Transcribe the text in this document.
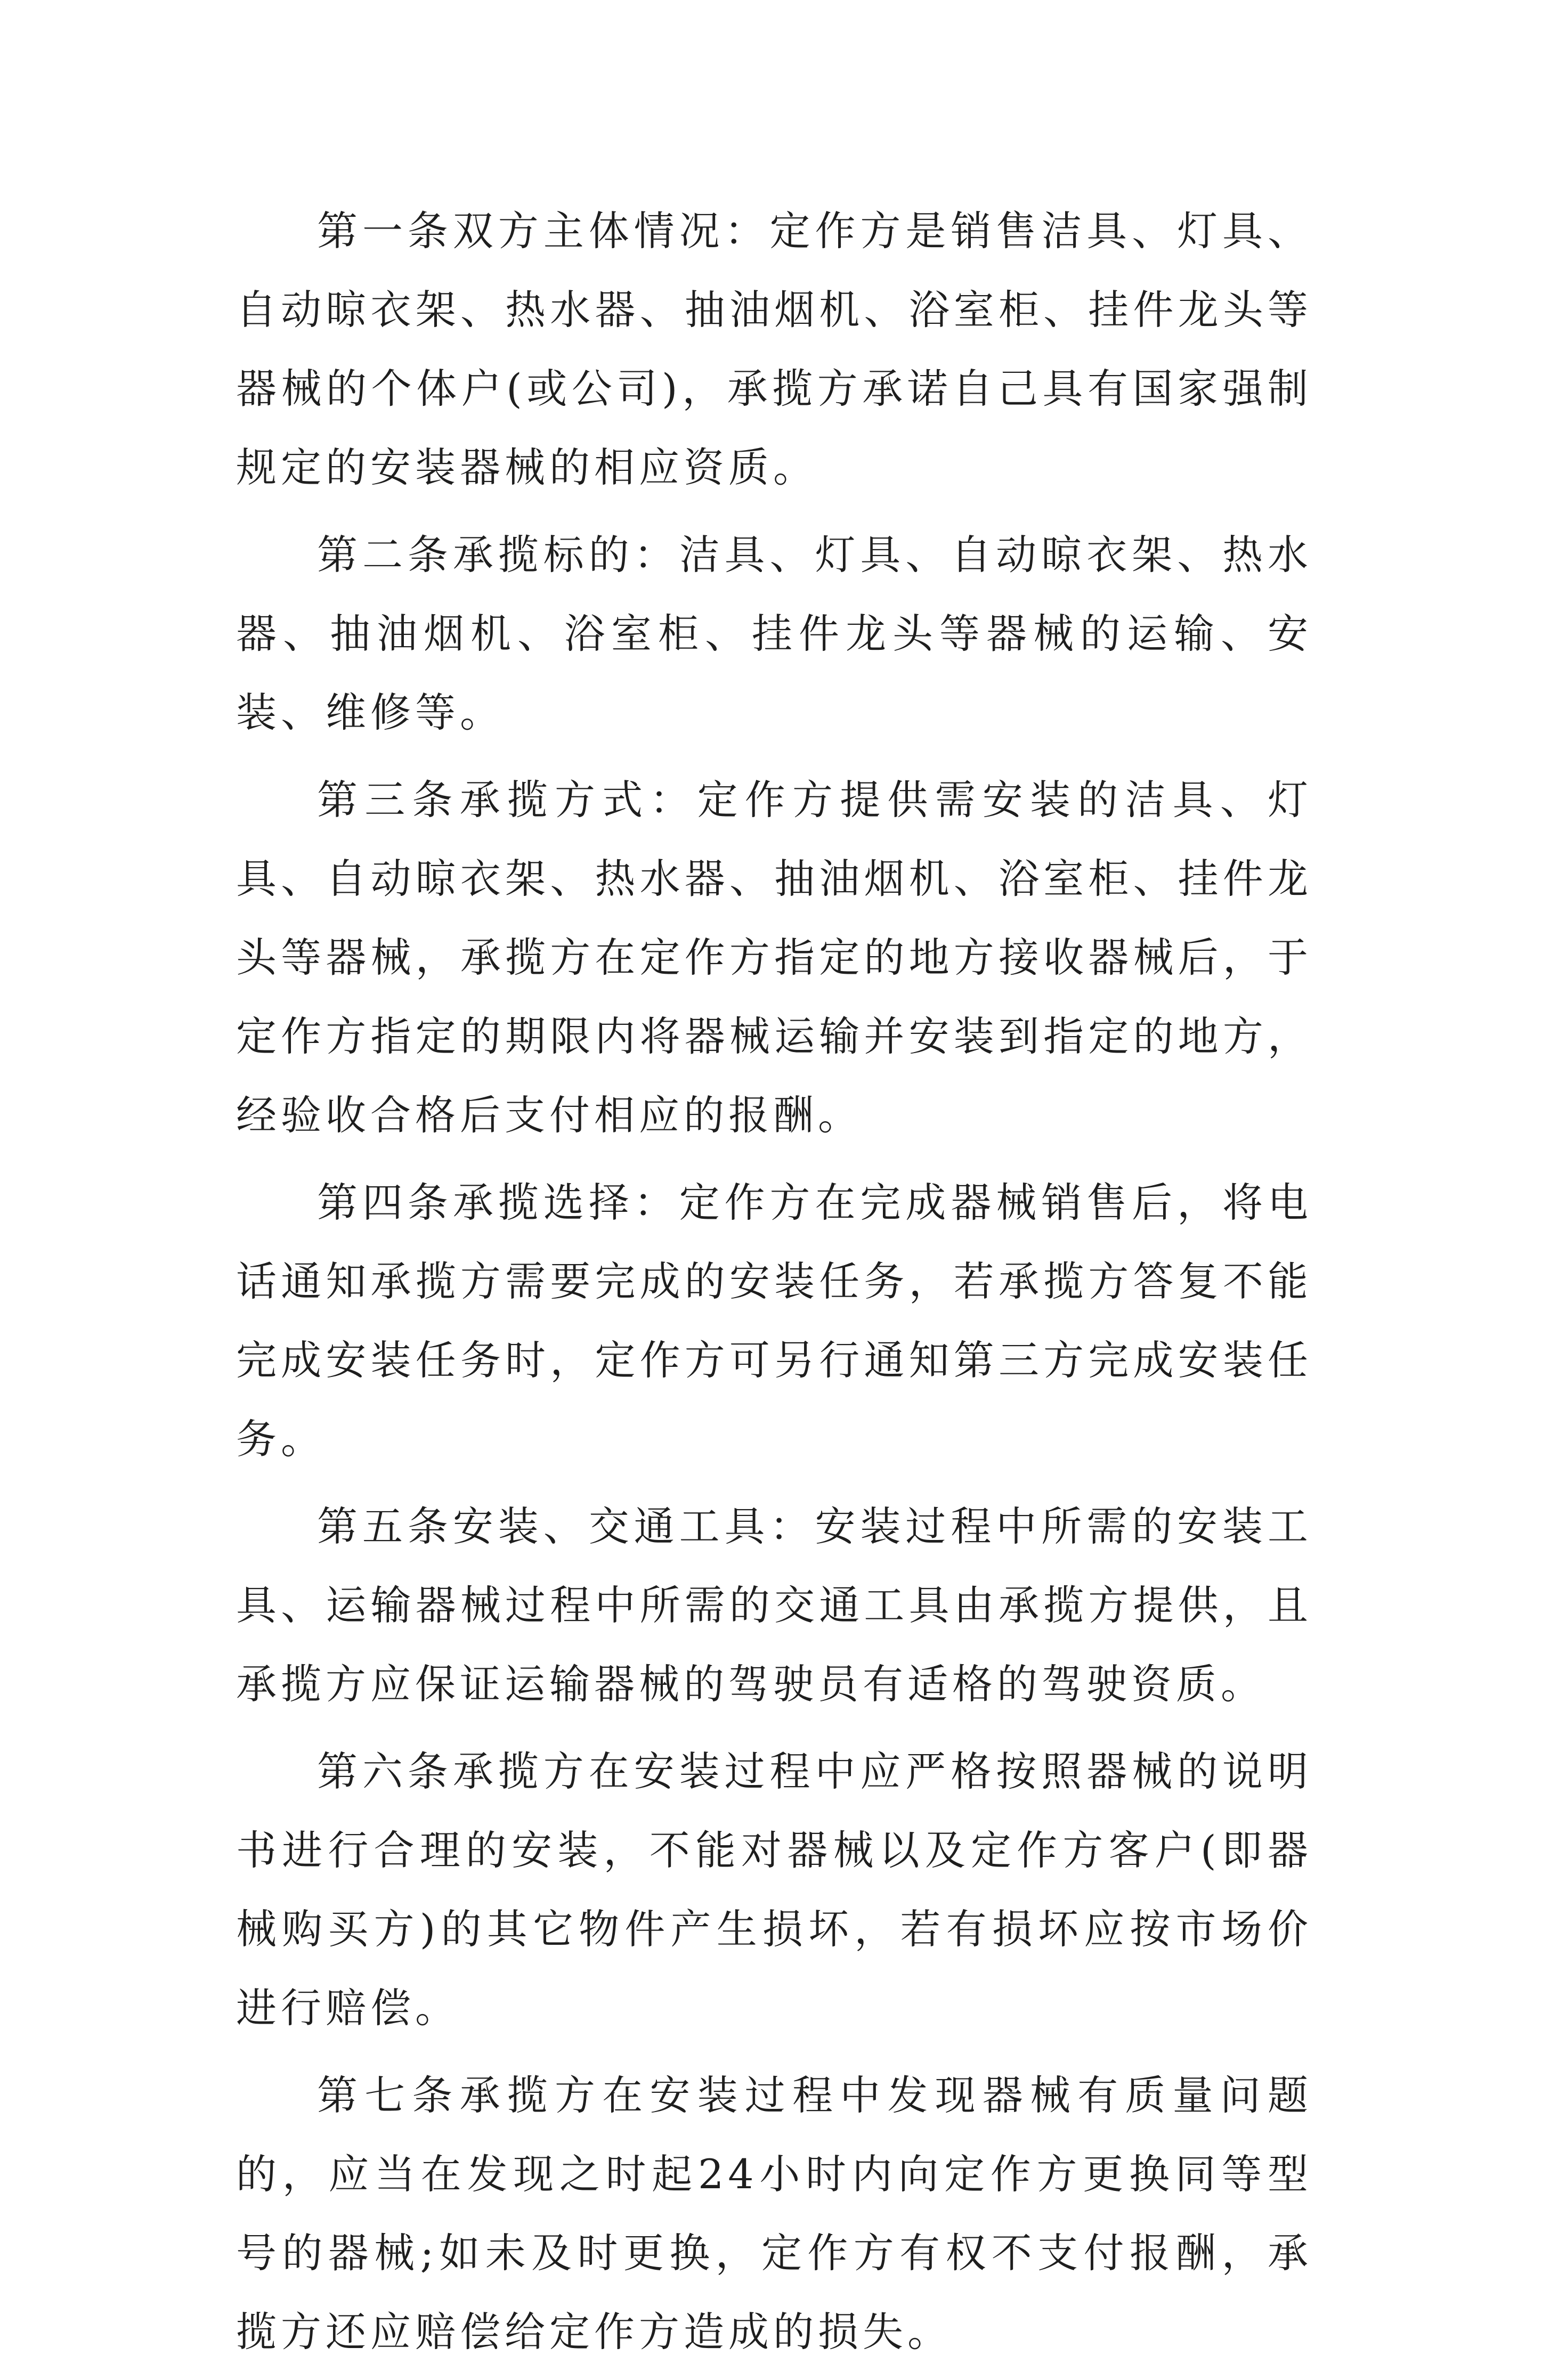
第一条双方主体情况：定作方是销售洁具、灯具、自动晾衣架、热水器、抽油烟机、浴室柜、挂件龙头等器械的个体户(或公司)，承揽方承诺自己具有国家强制规定的安装器械的相应资质。

第二条承揽标的：洁具、灯具、自动晾衣架、热水器、抽油烟机、浴室柜、挂件龙头等器械的运输、安装、维修等。

第三条承揽方式：定作方提供需安装的洁具、灯具、自动晾衣架、热水器、抽油烟机、浴室柜、挂件龙头等器械，承揽方在定作方指定的地方接收器械后，于定作方指定的期限内将器械运输并安装到指定的地方，经验收合格后支付相应的报酬。

第四条承揽选择：定作方在完成器械销售后，将电话通知承揽方需要完成的安装任务，若承揽方答复不能完成安装任务时，定作方可另行通知第三方完成安装任务。

第五条安装、交通工具：安装过程中所需的安装工具、运输器械过程中所需的交通工具由承揽方提供，且承揽方应保证运输器械的驾驶员有适格的驾驶资质。

第六条承揽方在安装过程中应严格按照器械的说明书进行合理的安装，不能对器械以及定作方客户(即器械购买方)的其它物件产生损坏，若有损坏应按市场价进行赔偿。

第七条承揽方在安装过程中发现器械有质量问题的，应当在发现之时起24小时内向定作方更换同等型号的器械;如未及时更换，定作方有权不支付报酬，承揽方还应赔偿给定作方造成的损失。
